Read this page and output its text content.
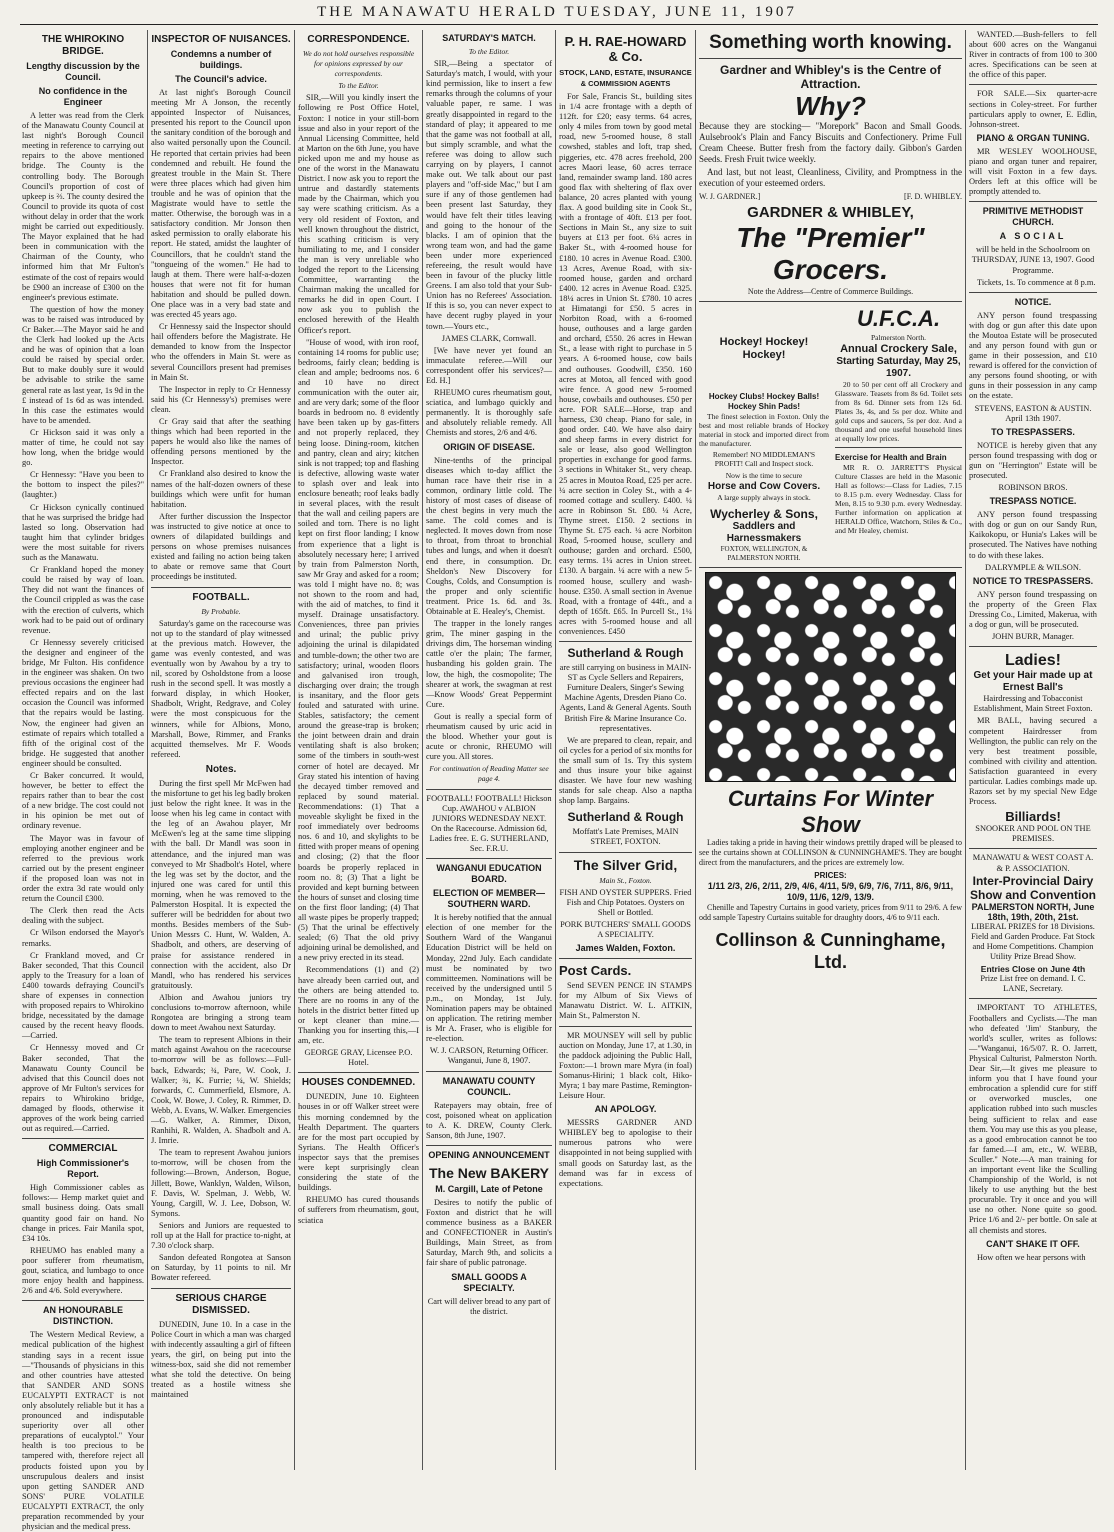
THE MANAWATU HERALD TUESDAY, JUNE 11, 1907
THE WHIROKINO BRIDGE.
Lengthy discussion by the Council.
No confidence in the Engineer

A letter was read from the Clerk of the Manawatu County Council at last night's Borough Council meeting in reference to carrying out repairs to the above mentioned bridge. The County is the controlling body. The Borough Council's proportion of cost of upkeep is ⅔. The county desired the Council to provide its quota of cost without delay in order that the work might be carried out expeditiously. The Mayor explained that he had been in communication with the Chairman of the County, who informed him that Mr Fulton's estimate of the cost of repairs would be £900 an increase of £300 on the engineer's previous estimate.

The question of how the money was to be raised was introduced by Cr Baker.—The Mayor said he and the Clerk had looked up the Acts and he was of opinion that a loan could be raised by special order. But to make doubly sure it would be advisable to strike the same general rate as last year, 1s 9d in the £ instead of 1s 6d as was intended. In this case the estimates would have to be amended.

Cr Hickson said it was only a matter of time, he could not say how long, when the bridge would go.

Cr Hennessy: "Have you been to the bottom to inspect the piles?" (laughter.)

Cr Hickson cynically continued that he was surprised the bridge had lasted so long. Observation had taught him that cylinder bridges were the most suitable for rivers such as the Manawatu.

Cr Frankland hoped the money could be raised by way of loan. They did not want the finances of the Council crippled as was the case with the erection of culverts, which work had to be paid out of ordinary revenue.

Cr Hennessy severely criticised the designer and engineer of the bridge, Mr Fulton. His confidence in the engineer was shaken. On two previous occasions the engineer had effected repairs and on the last occasion the Council was informed that the repairs would be lasting. Now, the engineer had given an estimate of repairs which totalled a fifth of the original cost of the bridge. He suggested that another engineer should be consulted.

Cr Baker concurred. It would, however, be better to effect the repairs rather than to bear the cost of a new bridge. The cost could not in his opinion be met out of ordinary revenue.

The Mayor was in favour of employing another engineer and be referred to the previous work carried out by the present engineer if the proposed loan was not in order the extra 3d rate would only return the Council £300.

The Clerk then read the Acts dealing with the subject.

Cr Wilson endorsed the Mayor's remarks.

Cr Frankland moved, and Cr Baker seconded, That this Council apply to the Treasury for a loan of £400 towards defraying Council's share of expenses in connection with proposed repairs to Whirokino bridge, necessitated by the damage caused by the recent heavy floods.—Carried.

Cr Hennessy moved and Cr Baker seconded, That the Manawatu County Council be advised that this Council does not approve of Mr Fulton's services for repairs to Whirokino bridge, damaged by floods, otherwise it approves of the work being carried out as required.—Carried.

COMMERCIAL
High Commissioner's Report.

High Commissioner cables as follows:— Hemp market quiet and small business doing. Oats small quantity good fair on hand. No change in prices. Fair Manila spot, £34 10s.

RHEUMO has enabled many a poor sufferer from rheumatism, gout, sciatica, and lumbago to once more enjoy health and happiness. 2/6 and 4/6. Sold everywhere.

AN HONOURABLE DISTINCTION.

The Western Medical Review, a medical publication of the highest standing says in a recent issue—"Thousands of physicians in this and other countries have attested that SANDER AND SONS EUCALYPTI EXTRACT is not only absolutely reliable but it has a pronounced and indisputable superiority over all other preparations of eucalyptol." Your health is too precious to be tampered with, therefore reject all products foisted upon you by unscrupulous dealers and insist upon getting SANDER AND SONS' PURE VOLATILE EUCALYPTI EXTRACT, the only preparation recommended by your physician and the medical press.

INSPECTOR OF NUISANCES.
Condemns a number of buildings.
The Council's advice.

At last night's Borough Council meeting Mr A Jonson, the recently appointed Inspector of Nuisances, presented his report to the Council upon the sanitary condition of the borough and also waited personally upon the Council. He reported that certain privies had been condemned and rebuilt. He found the greatest trouble in the Main St. There were three places which had given him trouble and he was of opinion that the Magistrate would have to settle the matter. Otherwise, the borough was in a satisfactory condition. Mr Jonson then asked permission to orally elaborate his report. He stated, amidst the laughter of Councillors, that he couldn't stand the "tongueing of the women." He had to laugh at them. There were half-a-dozen houses that were not fit for human habitation and should be pulled down. One place was in a very bad state and was erected 45 years ago.

Cr Hennessy said the Inspector should hail offenders before the Magistrate. He demanded to know from the Inspector who the offenders in Main St. were as several Councillors present had premises in Main St.

The Inspector in reply to Cr Hennessy said his (Cr Hennessy's) premises were clean.

Cr Gray said that after the seathing things which had been reported in the papers he would also like the names of offending persons mentioned by the Inspector.

Cr Frankland also desired to know the names of the half-dozen owners of these buildings which were unfit for human habitation.

After further discussion the Inspector was instructed to give notice at once to owners of dilapidated buildings and persons on whose premises nuisances existed and failing no action being taken to abate or remove same that Court proceedings be instituted.

FOOTBALL.
By Probable.

Saturday's game on the racecourse was not up to the standard of play witnessed at the previous match. However, the game was evenly contested, and was eventually won by Awahou by a try to nil, scored by Osholdstone from a loose rush in the second spell. It was mostly a forward display, in which Hooker, Shadbolt, Wright, Redgrave, and Coley were the most conspicuous for the winners, while for Albions, Mono, Marshall, Bowe, Rimmer, and Franks acquitted themselves. Mr F. Woods refereed.

Notes.

During the first spell Mr McFwen had the misfortune to get his leg badly broken just below the right knee. It was in the loose when his leg came in contact with the leg of an Awahou player, Mr McEwen's leg at the same time slipping with the ball. Dr Mandl was soon in attendance, and the injured man was conveyed to Mr Shadbolt's Hotel, where the leg was set by the doctor, and the injured one was cared for until this morning, when he was removed to the Palmerston Hospital. It is expected the sufferer will be bedridden for about two months. Besides members of the Sub-Union Messrs C. Hunt, W. Walden, A. Shadbolt, and others, are deserving of praise for assistance rendered in connection with the accident, also Dr Mandl, who has rendered his services gratuitously.

Albion and Awahou juniors try conclusions to-morrow afternoon, while Rongotea are bringing a strong team down to meet Awahou next Saturday.

The team to represent Albions in their match against Awahou on the racecourse to-morrow will be as follows:—Full-back, Edwards; ¾, Pare, W. Cook, J. Walker; ¾, K. Furrie; ¼, W. Shields; forwards, C. Cummerfield, Elsmore, A. Cook, W. Bowe, J. Coley, R. Rimmer, D. Webb, A. Evans, W. Walker. Emergencies—G. Walker, A. Rimmer, Dixon, Ranhihi, R. Walden, A. Shadbolt and A. J. Imrie.

The team to represent Awahou juniors to-morrow, will be chosen from the following:—Brown, Anderson, Bogue, Jillett, Bowe, Wanklyn, Walden, Wilson, F. Davis, W. Spelman, J. Webb, W. Young, Cargill, W. J. Lee, Dobson, W. Symons.

Seniors and Juniors are requested to roll up at the Hall for practice to-night, at 7.30 o'clock sharp.

Sandon defeated Rongotea at Sanson on Saturday, by 11 points to nil. Mr Bowater refereed.

SERIOUS CHARGE DISMISSED.

DUNEDIN, June 10. In a case in the Police Court in which a man was charged with indecently assaulting a girl of fifteen years, the girl, on being put into the witness-box, said she did not remember what she told the detective. On being treated as a hostile witness she maintained

CORRESPONDENCE.
We do not hold ourselves responsible for opinions expressed by our correspondents.
To the Editor.

SIR,—Will you kindly insert the following re Post Office Hotel, Foxton: I notice in your still-born issue and also in your report of the Annual Licensing Committee, held at Marton on the 6th June, you have picked upon me and my house as one of the worst in the Manawatu District. I now ask you to report the untrue and dastardly statements made by the Chairman, which you say were scathing criticism. As a very old resident of Foxton, and well known throughout the district, this scathing criticism is very humiliating to me, and I consider the man is very unreliable who lodged the report to the Licensing Committee, warranting the Chairman making the uncalled for remarks he did in open Court. I now ask you to publish the enclosed herewith of the Health Officer's report.

"House of wood, with iron roof, containing 14 rooms for public use; bedrooms, fairly clean; bedding is clean and ample; bedrooms nos. 6 and 10 have no direct communication with the outer air, and are very dark; some of the floor boards in bedroom no. 8 evidently have been taken up by gas-fitters and not properly replaced, they being loose. Dining-room, kitchen and pantry, clean and airy; kitchen sink is not trapped; top and flashing is defective, allowing waste water to splash over and leak into enclosure beneath; roof leaks badly in several places, with the result that the wall and ceiling papers are soiled and torn. There is no light kept on first floor landing; I know from experience that a light is absolutely necessary here; I arrived by train from Palmerston North, saw Mr Gray and asked for a room; was told I might have no. 8; was not shown to the room and had, with the aid of matches, to find it myself. Drainage unsatisfactory. Conveniences, three pan privies and urinal; the public privy adjoining the urinal is dilapidated and tumble-down; the other two are satisfactory; urinal, wooden floors and galvanised iron trough, discharging over drain; the trough is insanitary, and the floor gets fouled and saturated with urine. Stables, satisfactory; the cement around the grease-trap is broken; the joint between drain and drain ventilating shaft is also broken; some of the timbers in south-west corner of hotel are decayed. Mr Gray stated his intention of having the decayed timber removed and replaced by sound material. Recommendations: (1) That a moveable skylight be fixed in the roof immediately over bedrooms nos. 6 and 10, and skylights to be fitted with proper means of opening and closing; (2) that the floor boards be properly replaced in room no. 8; (3) That a light be provided and kept burning between the hours of sunset and closing time on the first floor landing; (4) That all waste pipes be properly trapped; (5) That the urinal be effectively sealed; (6) That the old privy adjoining urinal be demolished, and a new privy erected in its stead.

Recommendations (1) and (2) have already been carried out, and the others are being attended to. There are no rooms in any of the hotels in the district better fitted up or kept cleaner than mine.—Thanking you for inserting this,—I am, etc.

GEORGE GRAY, Licensee P.O. Hotel.

HOUSES CONDEMNED.

DUNEDIN, June 10. Eighteen houses in or off Walker street were this morning condemned by the Health Department. The quarters are for the most part occupied by Syrians. The Health Officer's inspector says that the premises were kept surprisingly clean considering the state of the buildings.

RHEUMO has cured thousands of sufferers from rheumatism, gout, sciatica

SATURDAY'S MATCH.
To the Editor.

SIR,—Being a spectator of Saturday's match, I would, with your kind permission, like to insert a few remarks through the columns of your valuable paper, re same. I was greatly disappointed in regard to the standard of play; it appeared to me that the game was not football at all, but simply scramble, and what the referee was doing to allow such carrying on by players, I cannot make out. We talk about our past players and "off-side Mac," but I am sure if any of those gentlemen had been present last Saturday, they would have felt their titles leaving and going to the honour of the blacks. I am of opinion that the wrong team won, and had the game been under more experienced refereeing, the result would have been in favour of the plucky little Greens. I am also told that your Sub-Union has no Referees' Association. If this is so, you can never expect to have decent rugby played in your town.—Yours etc.,

JAMES CLARK, Cornwall.

[We have never yet found an immaculate referee.—Will our correspondent offer his services?—Ed. H.]

RHEUMO cures rheumatism gout, sciatica, and lumbago quickly and permanently. It is thoroughly safe and absolutely reliable remedy. All Chemists and stores, 2/6 and 4/6.

ORIGIN OF DISEASE.

Nine-tenths of the principal diseases which to-day afflict the human race have their rise in a common, ordinary little cold. The history of most cases of disease of the chest begins in very much the same. The cold comes and is neglected. It moves down from nose to throat, from throat to bronchial tubes and lungs, and when it doesn't end there, in consumption. Dr. Sheldon's New Discovery for Coughs, Colds, and Consumption is the proper and only scientific treatment. Price 1s. 6d. and 3s. Obtainable at E. Healey's, Chemist.

The trapper in the lonely ranges grim, The miner gasping in the drivings dim, The horseman winding cattle o'er the plain; The farmer, husbanding his golden grain. The low, the high, the cosmopolite; The shearer at work, the swagman at rest—Know Woods' Great Peppermint Cure.

Gout is really a special form of rheumatism caused by uric acid in the blood. Whether your gout is acute or chronic, RHEUMO will cure you. All stores.

For continuation of Reading Matter see page 4.

FOOTBALL! FOOTBALL! Hickson Cup. AWAHOU v ALBION JUNIORS WEDNESDAY NEXT. On the Racecourse. Admission 6d, Ladies free. E. G. SUTHERLAND, Sec. F.R.U.

WANGANUI EDUCATION BOARD.
ELECTION OF MEMBER—SOUTHERN WARD.

It is hereby notified that the annual election of one member for the Southern Ward of the Wanganui Education District will be held on Monday, 22nd July. Each candidate must be nominated by two committeemen. Nominations will be received by the undersigned until 5 p.m., on Monday, 1st July. Nomination papers may be obtained on application. The retiring member is Mr A. Fraser, who is eligible for re-election.

W. J. CARSON, Returning Officer. Wanganui, June 8, 1907.

MANAWATU COUNTY COUNCIL.

Ratepayers may obtain, free of cost, poisoned wheat on application to A. K. DREW, County Clerk. Sanson, 8th June, 1907.

OPENING ANNOUNCEMENT
The New BAKERY
M. Cargill, Late of Petone

Desires to notify the public of Foxton and district that he will commence business as a BAKER and CONFECTIONER in Austin's Buildings, Main Street, as from Saturday, March 9th, and solicits a fair share of public patronage.

SMALL GOODS A SPECIALTY.

Cart will deliver bread to any part of the district.

P. H. RAE-HOWARD & Co.
STOCK, LAND, ESTATE, INSURANCE & COMMISSION AGENTS

For Sale, Francis St., building sites in 1/4 acre frontage with a depth of 112ft. for £20; easy terms. 64 acres, only 4 miles from town by good metal road, new 5-roomed house, 8 stall cowshed, stables and loft, trap shed, piggeries, etc. 478 acres freehold, 200 acres Maori lease, 60 acres terrace land, remainder swamp land. 180 acres good flax with sheltering of flax over balance, 20 acres planted with young flax. A good building site in Cook St., with a frontage of 40ft. £13 per foot. Sections in Main St., any size to suit buyers at £13 per foot. 6¼ acres in Baker St., with 4-roomed house for £180. 10 acres in Avenue Road. £300. 13 Acres, Avenue Road, with six-roomed house, garden and orchard £400. 12 acres in Avenue Road. £325. 18¼ acres in Union St. £780. 10 acres at Himatangi for £50. 5 acres in Norbiton Road, with a 6-roomed house, outhouses and a large garden and orchard, £550. 26 acres in Hewan St., a lease with right to purchase in 5 years. A 6-roomed house, cow bails and outhouses. Goodwill, £350. 160 acres at Motoa, all fenced with good wire fence. A good new 5-roomed house, cowbails and outhouses. £50 per acre. FOR SALE—Horse, trap and harness, £30 cheap. Piano for sale, in good order. £40. We have also dairy and sheep farms in every district for sale or lease, also good Wellington properties in exchange for good farms. 3 sections in Whitaker St., very cheap. 25 acres in Moutoa Road, £25 per acre. ¼ acre section in Coley St., with a 4-roomed cottage and scullery. £400. ¼ acre in Robinson St. £80. ¼ Acre, Thyme street. £150. 2 sections in Thyme St. £75 each. ¼ acre Norbiton Road, 5-roomed house, scullery and outhouse; garden and orchard. £500, easy terms. 1¼ acres in Union street. £130. A bargain. ¼ acre with a new 5-roomed house, scullery and wash-house. £350. A small section in Avenue Road, with a frontage of 44ft., and a depth of 165ft. £65. In Purcell St., 1¼ acres with 5-roomed house and all conveniences. £450

Sutherland & Rough

are still carrying on business in MAIN-ST as Cycle Sellers and Repairers, Furniture Dealers, Singer's Sewing Machine Agents, Dresden Piano Co. Agents, Land & General Agents. South British Fire & Marine Insurance Co. representatives.

We are prepared to clean, repair, and oil cycles for a period of six months for the small sum of 1s. Try this system and thus insure your bike against disaster. We have four new washing stands for sale cheap. Also a naptha shop lamp. Bargains.

Sutherland & Rough

Moffatt's Late Premises, MAIN STREET, FOXTON.

The Silver Grid,
Main St., Foxton.

FISH AND OYSTER SUPPERS. Fried Fish and Chip Potatoes. Oysters on Shell or Bottled.

PORK BUTCHERS' SMALL GOODS A SPECIALITY.

James Walden, Foxton.
Post Cards.

Send SEVEN PENCE IN STAMPS for my Album of Six Views of Manawatu District. W. L. AITKIN, Main St., Palmerston N.

MR MOUNSEY will sell by public auction on Monday, June 17, at 1.30, in the paddock adjoining the Public Hall, Foxton:—1 brown mare Myra (in foal) Somanus-Hirini; 1 black colt, Hiko-Myra; 1 bay mare Pastime, Remington-Leisure Hour.

AN APOLOGY.

MESSRS GARDNER AND WHIBLEY beg to apologise to their numerous patrons who were disappointed in not being supplied with small goods on Saturday last, as the demand was far in excess of expectations.

Something worth knowing.
Gardner and Whibley's is the Centre of Attraction.
Why?

Because they are stocking— "Morepork" Bacon and Small Goods. Aulsebrook's Plain and Fancy Biscuits and Confectionery. Prime Full Cream Cheese. Butter fresh from the factory daily. Gibbon's Garden Seeds. Fresh Fruit twice weekly.

And last, but not least, Cleanliness, Civility, and Promptness in the execution of your esteemed orders.

W. J. GARDNER.]	[F. D. WHIBLEY.
GARDNER & WHIBLEY,
The "Premier" Grocers.
Note the Address—Centre of Commerce Buildings.
Hockey! Hockey! Hockey!
Hockey Clubs! Hockey Balls! Hockey Shin Pads!

The finest selection in Foxton. Only the best and most reliable brands of Hockey material in stock and imported direct from the manufacturer.

Remember! NO MIDDLEMAN'S PROFIT! Call and Inspect stock.

Now is the time to secure
Horse and Cow Covers.
A large supply always in stock.
Wycherley & Sons,
Saddlers and Harnessmakers
FOXTON, WELLINGTON, & PALMERSTON NORTH.
U.F.C.A.
Palmerston North.
Annual Crockery Sale,
Starting Saturday, May 25, 1907.

20 to 50 per cent off all Crockery and Glassware. Teasets from 8s 6d. Toilet sets from 8s 6d. Dinner sets from 12s 6d. Plates 3s, 4s, and 5s per doz. White and gold cups and saucers, 5s per doz. And a thousand and one useful household lines at equally low prices.

Exercise for Health and Brain

MR R. O. JARRETT'S Physical Culture Classes are held in the Masonic Hall as follows:—Class for Ladies, 7.15 to 8.15 p.m. every Wednesday. Class for Men, 8.15 to 9.30 p.m. every Wednesday. Further information on application at HERALD Office, Watchorn, Stiles & Co., and Mr Healey, chemist.

Curtains For Winter Show

Ladies taking a pride in having their windows prettily draped will be pleased to see the curtains shown at COLLINSON & CUNNINGHAME'S. They are bought direct from the manufacturers, and the prices are extremely low.

PRICES:
1/11 2/3, 2/6, 2/11, 2/9, 4/6, 4/11, 5/9, 6/9, 7/6, 7/11, 8/6, 9/11, 10/9, 11/6, 12/9, 13/9.

Chenille and Tapestry Curtains in good variety, prices from 9/11 to 29/6. A few odd sample Tapestry Curtains suitable for draughty doors, 4/6 to 9/11 each.

Collinson & Cunninghame, Ltd.

WANTED.—Bush-fellers to fell about 600 acres on the Wanganui River in contracts of from 100 to 300 acres. Specifications can be seen at the office of this paper.

FOR SALE.—Six quarter-acre sections in Coley-street. For further particulars apply to owner, E. Edlin, Johnson-street.

PIANO & ORGAN TUNING.

MR WESLEY WOOLHOUSE, piano and organ tuner and repairer, will visit Foxton in a few days. Orders left at this office will be promptly attended to.

PRIMITIVE METHODIST CHURCH.
A SOCIAL

will be held in the Schoolroom on THURSDAY, JUNE 13, 1907. Good Programme.

Tickets, 1s. To commence at 8 p.m.

NOTICE.

ANY person found trespassing with dog or gun after this date upon the Moutoa Estate will be prosecuted and any person found with gun or game in their possession, and £10 reward is offered for the conviction of any persons found shooting, or with guns in their possession in any camp on the estate.

STEVENS, EASTON & AUSTIN. April 13th 1907.

TO TRESPASSERS.

NOTICE is hereby given that any person found trespassing with dog or gun on "Herrington" Estate will be prosecuted.

ROBINSON BROS.

TRESPASS NOTICE.

ANY person found trespassing with dog or gun on our Sandy Run, Kaikokopu, or Hunia's Lakes will be prosecuted. The Natives have nothing to do with these lakes.

DALRYMPLE & WILSON.

NOTICE TO TRESPASSERS.

ANY person found trespassing on the property of the Green Flax Dressing Co., Limited, Makerua, with a dog or gun, will be prosecuted.

JOHN BURR, Manager.

Ladies!
Get your Hair made up at Ernest Ball's

Hairdressing and Tobacconist Establishment, Main Street Foxton.

MR BALL, having secured a competent Hairdresser from Wellington, the public can rely on the very best treatment possible, combined with civility and attention. Satisfaction guaranteed in every particular. Ladies combings made up. Razors set by my special New Edge Process.

Billiards!
SNOOKER AND POOL ON THE PREMISES.
MANAWATU & WEST COAST A. & P. ASSOCIATION.
Inter-Provincial Dairy Show and Convention
PALMERSTON NORTH, June 18th, 19th, 20th, 21st.

LIBERAL PRIZES for 18 Divisions. Field and Garden Produce. Fat Stock and Home Competitions. Champion Utility Prize Bread Show.

Entries Close on June 4th

Prize List free on demand. I. C. LANE, Secretary.

IMPORTANT TO ATHLETES, Footballers and Cyclists.—The man who defeated 'Jim' Stanbury, the world's sculler, writes as follows:—"Wanganui, 16/5/07. R. O. Jarrett, Physical Culturist, Palmerston North. Dear Sir,—It gives me pleasure to inform you that I have found your embrocation a splendid cure for stiff or overworked muscles, one application rubbed into such muscles being sufficient to relax and ease them. You may use this as you please, as a good embrocation cannot be too far famed.—I am, etc., W. WEBB, Sculler." Note.—A man training for an important event like the Sculling Championship of the World, is not likely to use anything but the best procurable. Try it once and you will use no other. None quite so good. Price 1/6 and 2/- per bottle. On sale at all chemists and stores.

CAN'T SHAKE IT OFF.

How often we hear persons with
